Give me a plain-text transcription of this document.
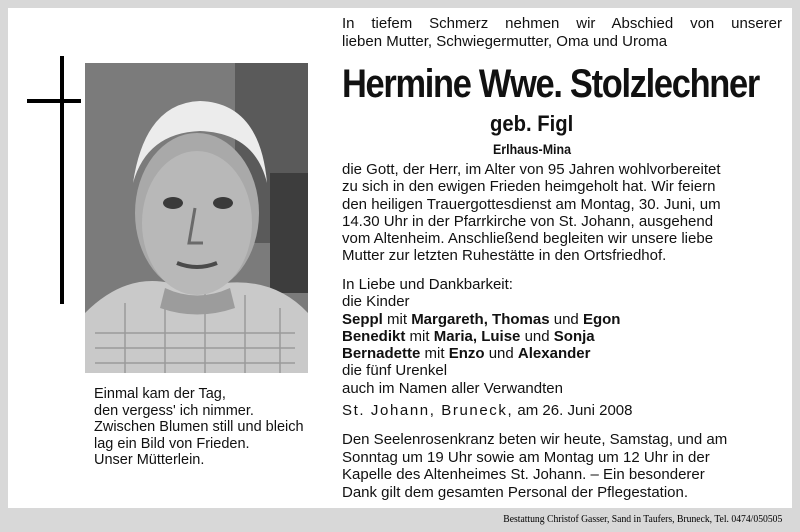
Einmal kam der Tag,
den vergess' ich nimmer.
Zwischen Blumen still und bleich
lag ein Bild von Frieden.
Unser Mütterlein.
In tiefem Schmerz nehmen wir Abschied von unserer
lieben Mutter, Schwiegermutter, Oma und Uroma
Hermine Wwe. Stolzlechner
geb. Figl
Erlhaus-Mina
die Gott, der Herr, im Alter von 95 Jahren wohlvorbereitet
zu sich in den ewigen Frieden heimgeholt hat. Wir feiern
den heiligen Trauergottesdienst am Montag, 30. Juni, um
14.30 Uhr in der Pfarrkirche von St. Johann, ausgehend
vom Altenheim. Anschließend begleiten wir unsere liebe
Mutter zur letzten Ruhestätte in den Ortsfriedhof.
In Liebe und Dankbarkeit:
die Kinder
Seppl mit Margareth, Thomas und Egon
Benedikt mit Maria, Luise und Sonja
Bernadette mit Enzo und Alexander
die fünf Urenkel
auch im Namen aller Verwandten
St. Johann, Bruneck, am 26. Juni 2008
Den Seelenrosenkranz beten wir heute, Samstag, und am
Sonntag um 19 Uhr sowie am Montag um 12 Uhr in der
Kapelle des Altenheimes St. Johann. – Ein besonderer
Dank gilt dem gesamten Personal der Pflegestation.
Bestattung Christof Gasser, Sand in Taufers, Bruneck, Tel. 0474/050505
